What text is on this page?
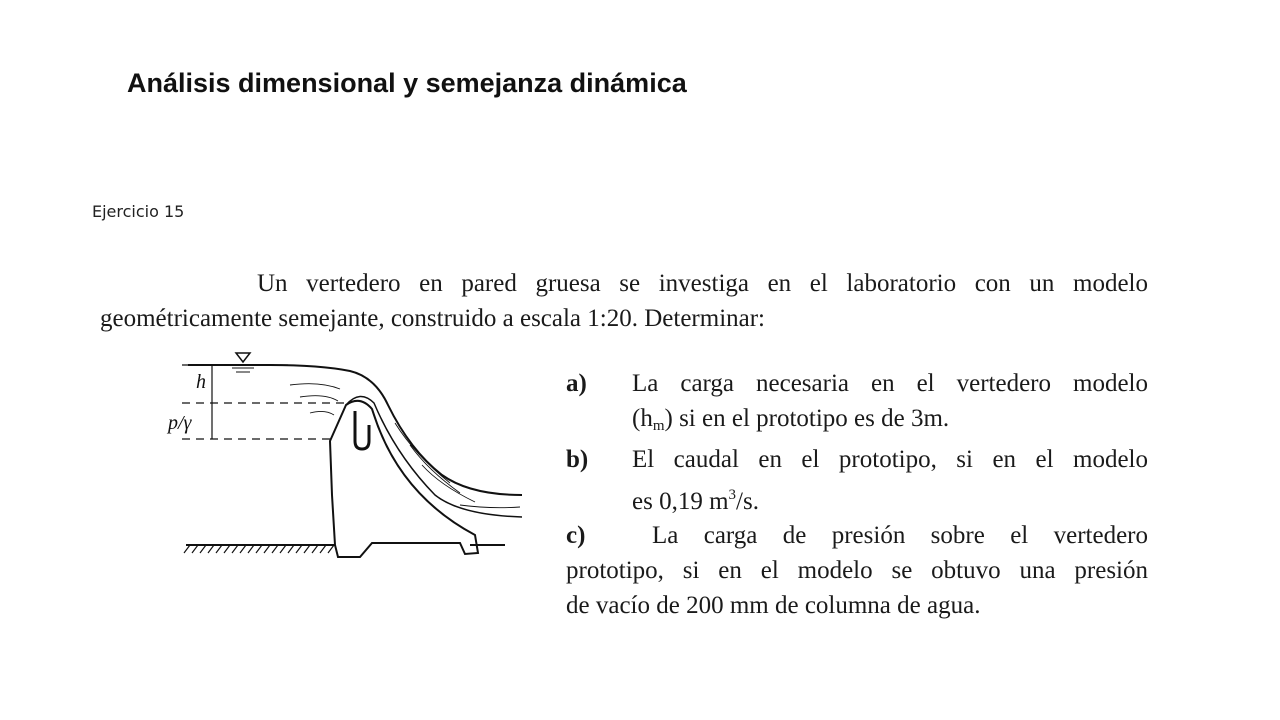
Análisis dimensional y semejanza dinámica
Ejercicio 15
Un vertedero en pared gruesa se investiga en el laboratorio con un modelo
geométricamente semejante, construido a escala 1:20. Determinar:
h
p/γ
a)	La carga necesaria en el vertedero modelo
$(h_m)$ si en el prototipo es de 3m.
b)	El caudal en el prototipo, si en el modelo
es 0,19 $m^3/s$.
c)	La carga de presión sobre el vertedero
prototipo, si en el modelo se obtuvo una presión
de vacío de 200 mm de columna de agua.
